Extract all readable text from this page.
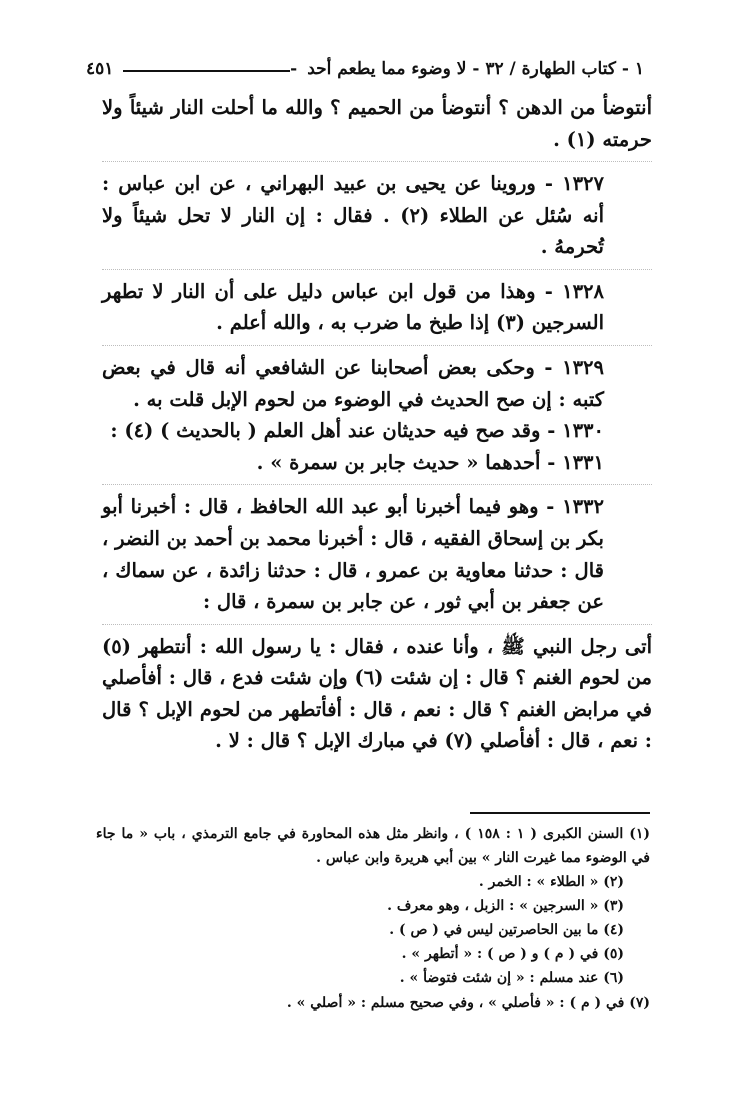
١ - كتاب الطهارة / ٣٢ - لا وضوء مما يطعم أحد
-
٤٥١

أنتوضأ من الدهن ؟ أنتوضأ من الحميم ؟ والله ما أحلت النار شيئاً ولا حرمته (١) .

١٣٢٧ - وروينا عن يحيى بن عبيد البهراني ، عن ابن عباس : أنه سُئل عن الطلاء (٢) . فقال : إن النار لا تحل شيئاً ولا تُحرمهُ .

١٣٢٨ - وهذا من قول ابن عباس دليل على أن النار لا تطهر السرجين (٣) إذا طبخ ما ضرب به ، والله أعلم .

١٣٢٩ - وحكى بعض أصحابنا عن الشافعي أنه قال في بعض كتبه : إن صح الحديث في الوضوء من لحوم الإبل قلت به .

١٣٣٠ - وقد صح فيه حديثان عند أهل العلم ( بالحديث ) (٤) :

١٣٣١ - أحدهما « حديث جابر بن سمرة » .

١٣٣٢ - وهو فيما أخبرنا أبو عبد الله الحافظ ، قال : أخبرنا أبو بكر بن إسحاق الفقيه ، قال : أخبرنا محمد بن أحمد بن النضر ، قال : حدثنا معاوية بن عمرو ، قال : حدثنا زائدة ، عن سماك ، عن جعفر بن أبي ثور ، عن جابر بن سمرة ، قال :

أتى رجل النبي ﷺ ، وأنا عنده ، فقال : يا رسول الله : أنتطهر (٥) من لحوم الغنم ؟ قال : إن شئت (٦) وإن شئت فدع ، قال : أفأصلي في مرابض الغنم ؟ قال : نعم ، قال : أفأتطهر من لحوم الإبل ؟ قال : نعم ، قال : أفأصلي (٧) في مبارك الإبل ؟ قال : لا .

(١) السنن الكبرى ( ١ : ١٥٨ ) ، وانظر مثل هذه المحاورة في جامع الترمذي ، باب « ما جاء في الوضوء مما غيرت النار » بين أبي هريرة وابن عباس .

(٢) « الطلاء » : الخمر .

(٣) « السرجين » : الزبل ، وهو معرف .

(٤) ما بين الحاصرتين ليس في ( ص ) .

(٥) في ( م ) و ( ص ) : « أتطهر » .

(٦) عند مسلم : « إن شئت فتوضأ » .

(٧) في ( م ) : « فأصلي » ، وفي صحيح مسلم : « أصلي » .
